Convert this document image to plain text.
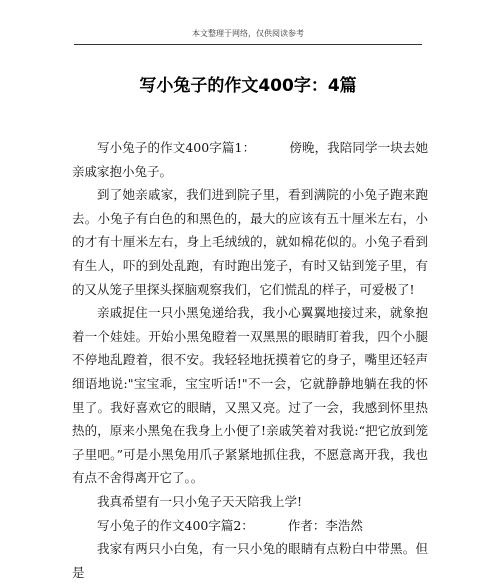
本文整理于网络，仅供阅读参考
写小兔子的作文400字：4篇

写小兔子的作文400字篇1：	傍晚，我陪同学一块去她亲戚家抱小兔子。

到了她亲戚家，我们进到院子里，看到满院的小兔子跑来跑去。小兔子有白色的和黑色的，最大的应该有五十厘米左右，小的才有十厘米左右，身上毛绒绒的，就如棉花似的。小兔子看到有生人，吓的到处乱跑，有时跑出笼子，有时又钻到笼子里，有的又从笼子里探头探脑观察我们，它们慌乱的样子，可爱极了!

亲戚捉住一只小黑兔递给我，我小心翼翼地接过来，就象抱着一个娃娃。开始小黑兔瞪着一双黑黑的眼睛盯着我，四个小腿不停地乱蹬着，很不安。我轻轻地抚摸着它的身子，嘴里还轻声细语地说:"宝宝乖，宝宝听话!"不一会，它就静静地躺在我的怀里了。我好喜欢它的眼睛，又黑又亮。过了一会，我感到怀里热热的，原来小黑兔在我身上小便了!亲戚笑着对我说:“把它放到笼子里吧。”可是小黑兔用爪子紧紧地抓住我，不愿意离开我，我也有点不舍得离开它了。。

我真希望有一只小兔子天天陪我上学!

写小兔子的作文400字篇2：	作者：李浩然

我家有两只小白兔，有一只小兔的眼睛有点粉白中带黑。但是
